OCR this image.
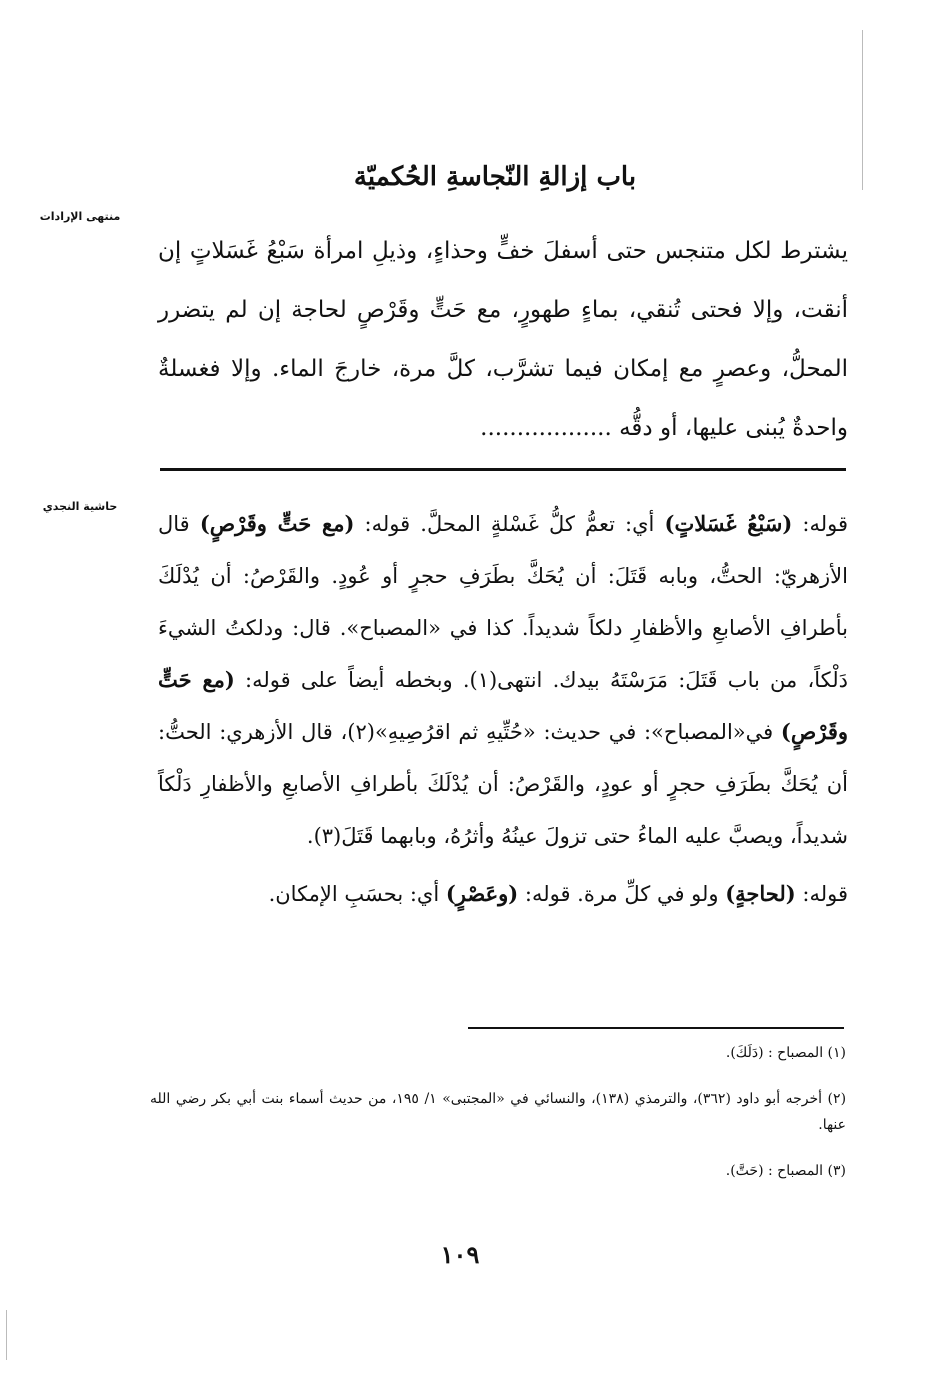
منتهى الإرادات
حاشية النجدي
باب إزالةِ النّجاسةِ الحُكميّة
يشترط لكل متنجس حتى أسفلَ خفٍّ وحذاءٍ، وذيلِ امرأة سَبْعُ غَسَلاتٍ إن أنقت، وإلا فحتى تُنقي، بماءٍ طهورٍ، مع حَتٍّ وقَرْصٍ لحاجة إن لم يتضرر المحلُّ، وعصرٍ مع إمكان فيما تشرَّب، كلَّ مرة، خارجَ الماء. وإلا فغسلةٌ واحدةٌ يُبنى عليها، أو دقُّه ..................

قوله: (سَبْعُ غَسَلاتٍ) أي: تعمُّ كلُّ غَسْلةٍ المحلَّ. قوله: (مع حَتٍّ وقَرْصٍ) قال الأزهريّ: الحتُّ، وبابه قَتَلَ: أن يُحَكَّ بطَرَفِ حجرٍ أو عُودٍ. والقَرْصُ: أن يُدْلَكَ بأطرافِ الأصابعِ والأظفارِ دلكاً شديداً. كذا في «المصباح». قال: ودلكتُ الشيءَ دَلْكاً، من باب قَتَلَ: مَرَسْتَهُ بيدك. انتهى(١). وبخطه أيضاً على قوله: (مع حَتٍّ وقَرْصٍ) في«المصباح»: في حديث: «حُتِّيهِ ثم اقرُصِيهِ»(٢)، قال الأزهري: الحتُّ: أن يُحَكَّ بطَرَفِ حجرٍ أو عودٍ، والقَرْصُ: أن يُدْلَكَ بأطرافِ الأصابعِ والأظفارِ دَلْكاً شديداً، ويصبَّ عليه الماءُ حتى تزولَ عينُهُ وأثرُهُ، وبابهما قَتَلَ(٣).

قوله: (لحاجةٍ) ولو في كلِّ مرة. قوله: (وعَصْرٍ) أي: بحسَبِ الإمكان.

(١) المصباح : (دَلَكَ).

(٢) أخرجه أبو داود (٣٦٢)، والترمذي (١٣٨)، والنسائي في «المجتبى» ١/ ١٩٥، من حديث أسماء بنت أبي بكر رضي الله عنها.

(٣) المصباح : (حَتَّ).

١٠٩
